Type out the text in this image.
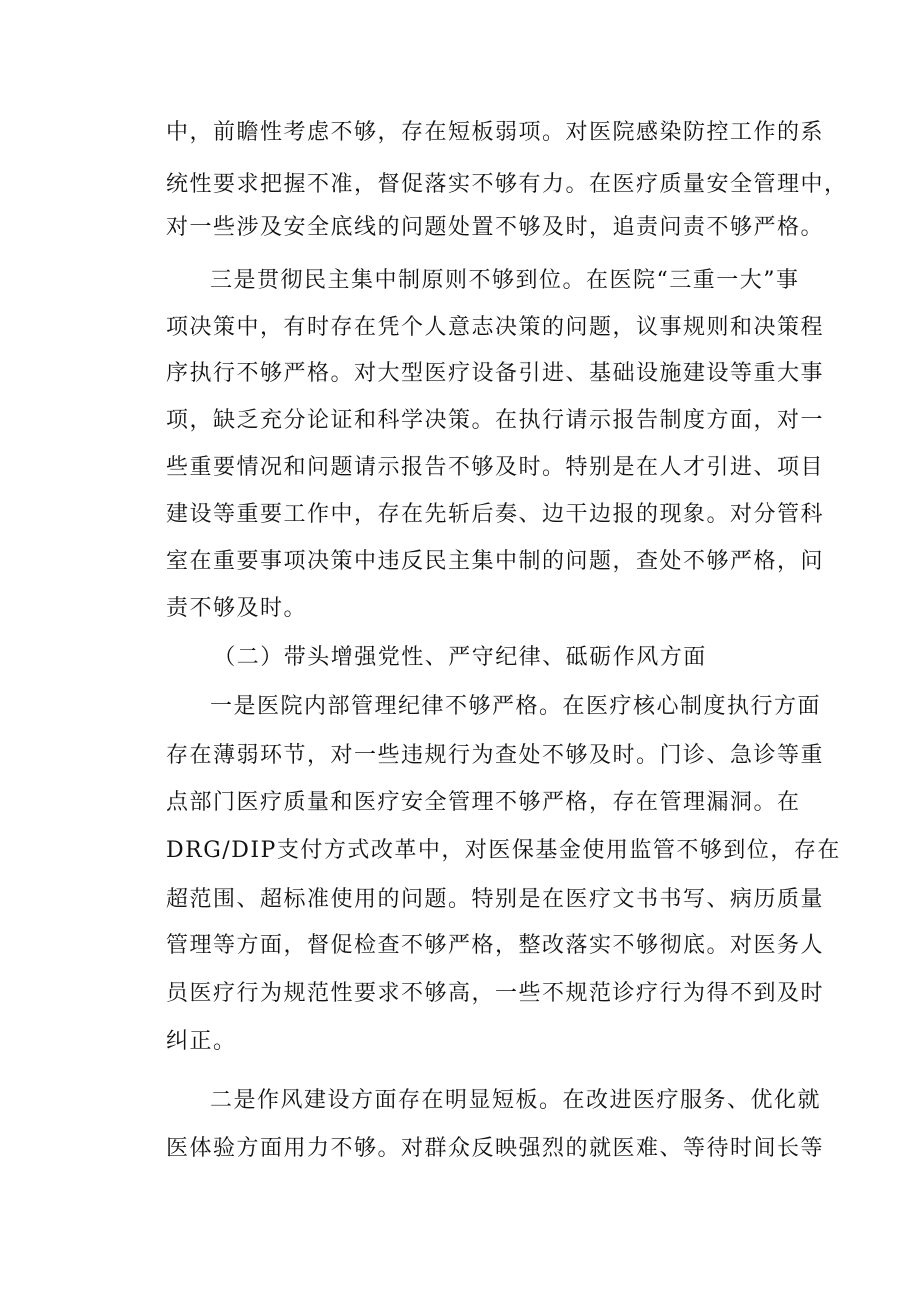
中，前瞻性考虑不够，存在短板弱项。对医院感染防控工作的系
统性要求把握不准，督促落实不够有力。在医疗质量安全管理中，
对一些涉及安全底线的问题处置不够及时，追责问责不够严格。
三是贯彻民主集中制原则不够到位。在医院“三重一大”事
项决策中，有时存在凭个人意志决策的问题，议事规则和决策程
序执行不够严格。对大型医疗设备引进、基础设施建设等重大事
项，缺乏充分论证和科学决策。在执行请示报告制度方面，对一
些重要情况和问题请示报告不够及时。特别是在人才引进、项目
建设等重要工作中，存在先斩后奏、边干边报的现象。对分管科
室在重要事项决策中违反民主集中制的问题，查处不够严格，问
责不够及时。
（二）带头增强党性、严守纪律、砥砺作风方面
一是医院内部管理纪律不够严格。在医疗核心制度执行方面
存在薄弱环节，对一些违规行为查处不够及时。门诊、急诊等重
点部门医疗质量和医疗安全管理不够严格，存在管理漏洞。在
DRG/DIP支付方式改革中，对医保基金使用监管不够到位，存在
超范围、超标准使用的问题。特别是在医疗文书书写、病历质量
管理等方面，督促检查不够严格，整改落实不够彻底。对医务人
员医疗行为规范性要求不够高，一些不规范诊疗行为得不到及时
纠正。
二是作风建设方面存在明显短板。在改进医疗服务、优化就
医体验方面用力不够。对群众反映强烈的就医难、等待时间长等
